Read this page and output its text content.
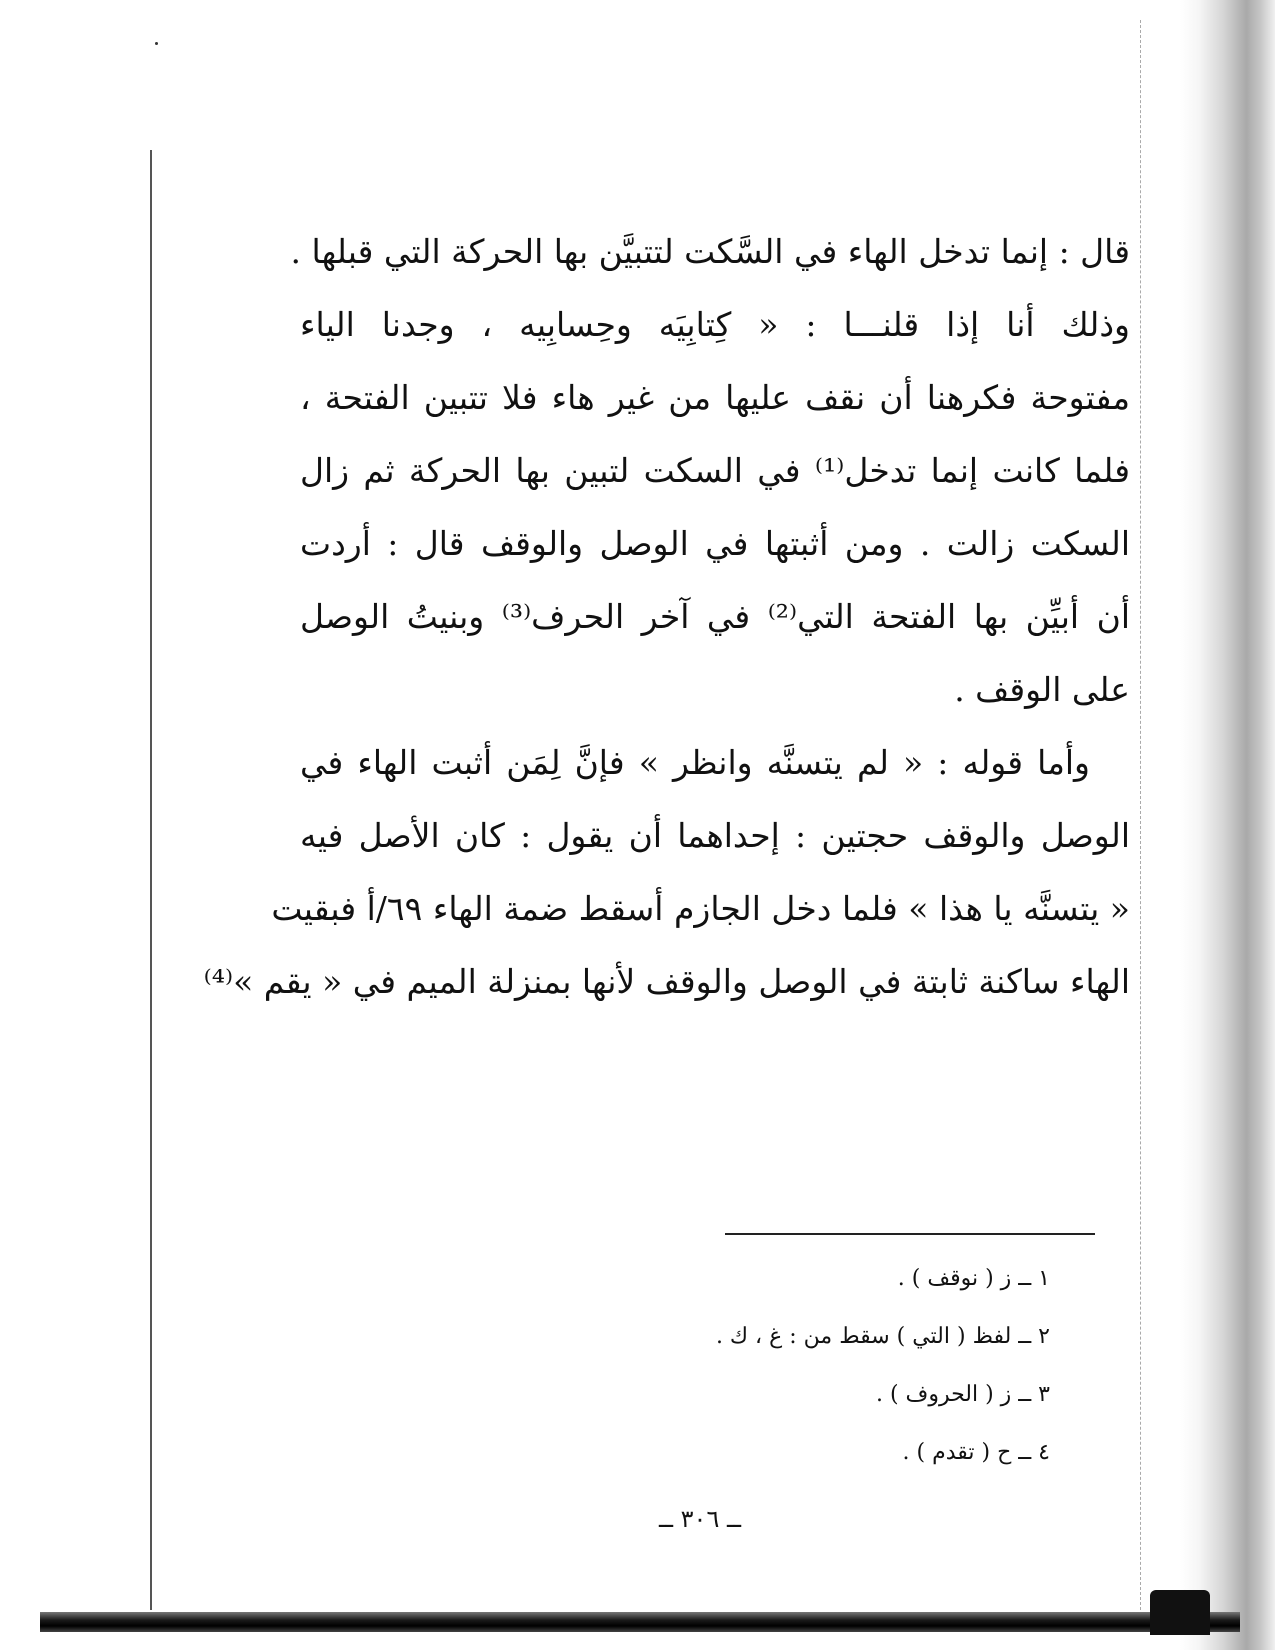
قال : إنما تدخل الهاء في السَّكت لتتبيَّن بها الحركة التي قبلها .
وذلك أنا إذا قلنـــا : « كِتابِيَه وحِسابِيه ، وجدنا الياء
مفتوحة فكرهنا أن نقف عليها من غير هاء فلا تتبين الفتحة ،
فلما كانت إنما تدخل⁽¹⁾ في السكت لتبين بها الحركة ثم زال
السكت زالت . ومن أثبتها في الوصل والوقف قال : أردت
أن أبيِّن بها الفتحة التي⁽²⁾ في آخر الحرف⁽³⁾ وبنيتُ الوصل
على الوقف .
وأما قوله : « لم يتسنَّه وانظر » فإنَّ لِمَن أثبت الهاء في
الوصل والوقف حجتين : إحداهما أن يقول : كان الأصل فيه
« يتسنَّه يا هذا » فلما دخل الجازم أسقط ضمة الهاء ٦٩/أ فبقيت
الهاء ساكنة ثابتة في الوصل والوقف لأنها بمنزلة الميم في « يقم »⁽⁴⁾
١ ــ ز ( نوقف ) .
٢ ــ لفظ ( التي ) سقط من : غ ، ك .
٣ ــ ز ( الحروف ) .
٤ ــ ح ( تقدم ) .
ــ ٣٠٦ ــ
